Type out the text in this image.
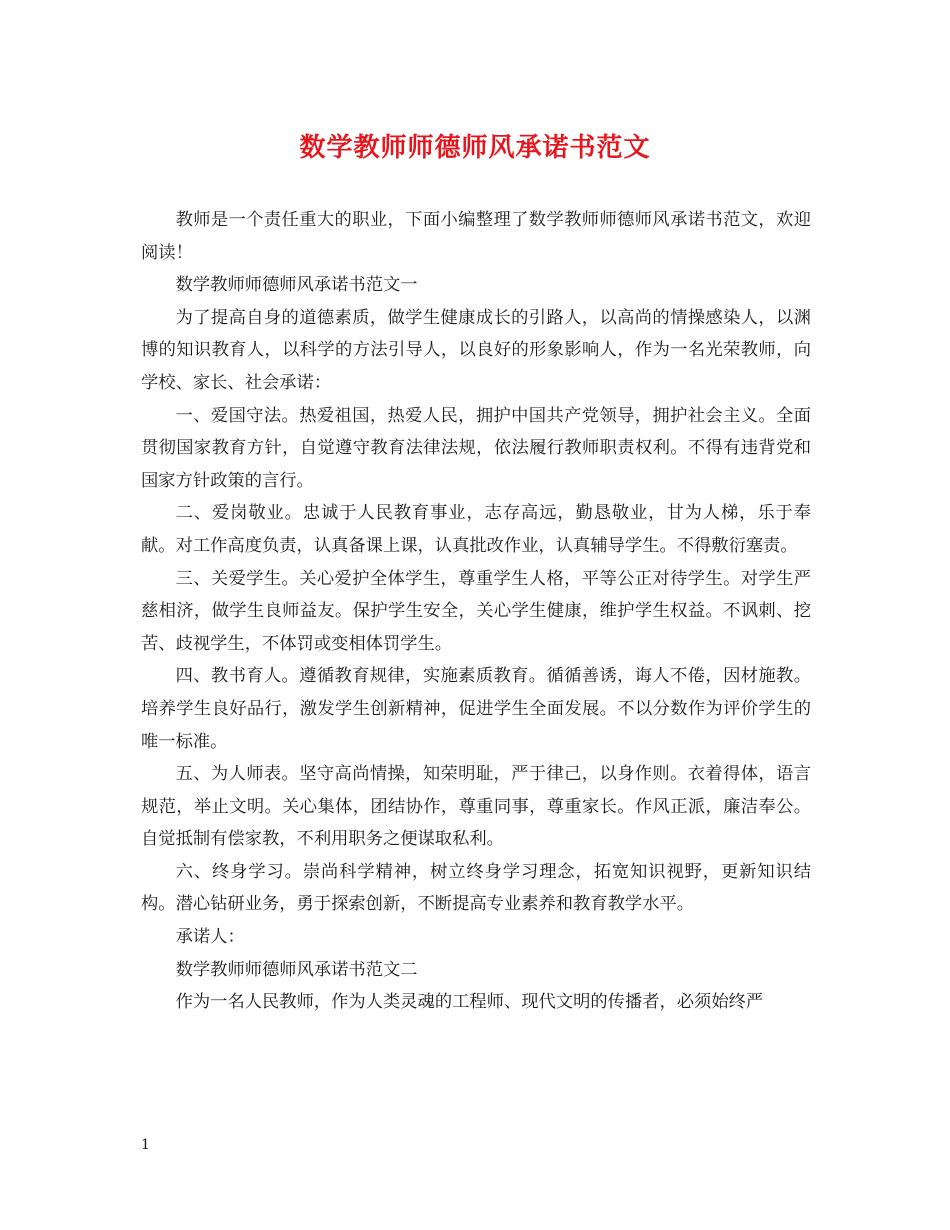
数学教师师德师风承诺书范文

教师是一个责任重大的职业，下面小编整理了数学教师师德师风承诺书范文，欢迎阅读！

数学教师师德师风承诺书范文一

为了提高自身的道德素质，做学生健康成长的引路人，以高尚的情操感染人，以渊博的知识教育人，以科学的方法引导人，以良好的形象影响人，作为一名光荣教师，向学校、家长、社会承诺：

一、爱国守法。热爱祖国，热爱人民，拥护中国共产党领导，拥护社会主义。全面贯彻国家教育方针，自觉遵守教育法律法规，依法履行教师职责权利。不得有违背党和国家方针政策的言行。

二、爱岗敬业。忠诚于人民教育事业，志存高远，勤恳敬业，甘为人梯，乐于奉献。对工作高度负责，认真备课上课，认真批改作业，认真辅导学生。不得敷衍塞责。

三、关爱学生。关心爱护全体学生，尊重学生人格，平等公正对待学生。对学生严慈相济，做学生良师益友。保护学生安全，关心学生健康，维护学生权益。不讽刺、挖苦、歧视学生，不体罚或变相体罚学生。

四、教书育人。遵循教育规律，实施素质教育。循循善诱，诲人不倦，因材施教。培养学生良好品行，激发学生创新精神，促进学生全面发展。不以分数作为评价学生的唯一标准。

五、为人师表。坚守高尚情操，知荣明耻，严于律己，以身作则。衣着得体，语言规范，举止文明。关心集体，团结协作，尊重同事，尊重家长。作风正派，廉洁奉公。自觉抵制有偿家教，不利用职务之便谋取私利。

六、终身学习。崇尚科学精神，树立终身学习理念，拓宽知识视野，更新知识结构。潜心钻研业务，勇于探索创新，不断提高专业素养和教育教学水平。

承诺人：

数学教师师德师风承诺书范文二

作为一名人民教师，作为人类灵魂的工程师、现代文明的传播者，必须始终严

1
